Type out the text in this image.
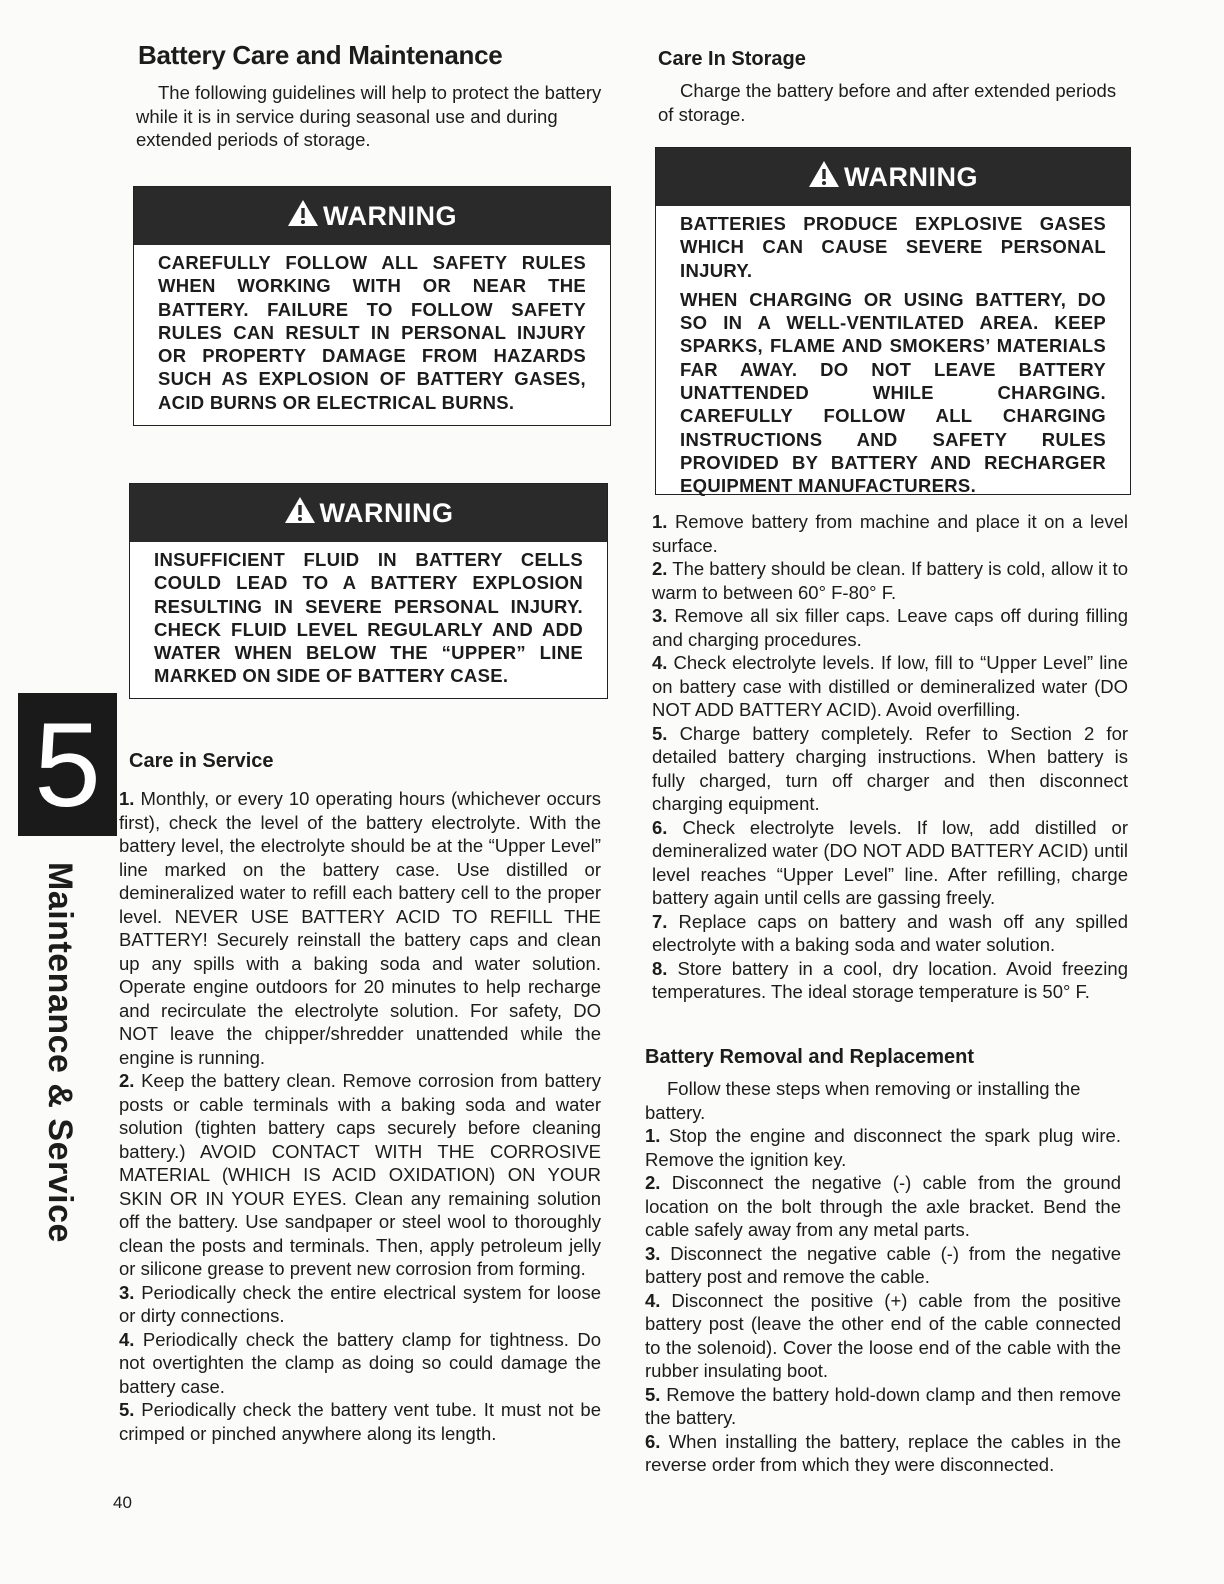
5
Maintenance & Service
Battery Care and Maintenance

The following guidelines will help to protect the battery while it is in service during seasonal use and during extended periods of storage.

WARNING
CAREFULLY FOLLOW ALL SAFETY RULES WHEN WORKING WITH OR NEAR THE BATTERY. FAILURE TO FOLLOW SAFETY RULES CAN RESULT IN PERSONAL INJURY OR PROPERTY DAMAGE FROM HAZARDS SUCH AS EXPLOSION OF BATTERY GASES, ACID BURNS OR ELECTRICAL BURNS.
WARNING
INSUFFICIENT FLUID IN BATTERY CELLS COULD LEAD TO A BATTERY EXPLOSION RESULTING IN SEVERE PERSONAL INJURY. CHECK FLUID LEVEL REGULARLY AND ADD WATER WHEN BELOW THE “UPPER” LINE MARKED ON SIDE OF BATTERY CASE.
Care in Service

1. Monthly, or every 10 operating hours (whichever occurs first), check the level of the battery electrolyte. With the battery level, the electrolyte should be at the “Upper Level” line marked on the battery case. Use distilled or demineralized water to refill each battery cell to the proper level. NEVER USE BATTERY ACID TO REFILL THE BATTERY! Securely reinstall the battery caps and clean up any spills with a baking soda and water solution. Operate engine outdoors for 20 minutes to help recharge and recirculate the electrolyte solution. For safety, DO NOT leave the chipper/shredder unattended while the engine is running.

2. Keep the battery clean. Remove corrosion from battery posts or cable terminals with a baking soda and water solution (tighten battery caps securely before cleaning battery.) AVOID CONTACT WITH THE CORROSIVE MATERIAL (WHICH IS ACID OXIDATION) ON YOUR SKIN OR IN YOUR EYES. Clean any remaining solution off the battery. Use sandpaper or steel wool to thoroughly clean the posts and terminals. Then, apply petroleum jelly or silicone grease to prevent new corrosion from forming.

3. Periodically check the entire electrical system for loose or dirty connections.

4. Periodically check the battery clamp for tightness. Do not overtighten the clamp as doing so could damage the battery case.

5. Periodically check the battery vent tube. It must not be crimped or pinched anywhere along its length.

40
Care In Storage

Charge the battery before and after extended periods of storage.

WARNING

BATTERIES PRODUCE EXPLOSIVE GASES WHICH CAN CAUSE SEVERE PERSONAL INJURY.

WHEN CHARGING OR USING BATTERY, DO SO IN A WELL-VENTILATED AREA. KEEP SPARKS, FLAME AND SMOKERS’ MATERIALS FAR AWAY. DO NOT LEAVE BATTERY UNATTENDED WHILE CHARGING. CAREFULLY FOLLOW ALL CHARGING INSTRUCTIONS AND SAFETY RULES PROVIDED BY BATTERY AND RECHARGER EQUIPMENT MANUFACTURERS.

1. Remove battery from machine and place it on a level surface.

2. The battery should be clean. If battery is cold, allow it to warm to between 60° F-80° F.

3. Remove all six filler caps. Leave caps off during filling and charging procedures.

4. Check electrolyte levels. If low, fill to “Upper Level” line on battery case with distilled or demineralized water (DO NOT ADD BATTERY ACID). Avoid overfilling.

5. Charge battery completely. Refer to Section 2 for detailed battery charging instructions. When battery is fully charged, turn off charger and then disconnect charging equipment.

6. Check electrolyte levels. If low, add distilled or demineralized water (DO NOT ADD BATTERY ACID) until level reaches “Upper Level” line. After refilling, charge battery again until cells are gassing freely.

7. Replace caps on battery and wash off any spilled electrolyte with a baking soda and water solution.

8. Store battery in a cool, dry location. Avoid freezing temperatures. The ideal storage temperature is 50° F.

Battery Removal and Replacement

Follow these steps when removing or installing the battery.

1. Stop the engine and disconnect the spark plug wire. Remove the ignition key.

2. Disconnect the negative (-) cable from the ground location on the bolt through the axle bracket. Bend the cable safely away from any metal parts.

3. Disconnect the negative cable (-) from the negative battery post and remove the cable.

4. Disconnect the positive (+) cable from the positive battery post (leave the other end of the cable connected to the solenoid). Cover the loose end of the cable with the rubber insulating boot.

5. Remove the battery hold-down clamp and then remove the battery.

6. When installing the battery, replace the cables in the reverse order from which they were disconnected.
